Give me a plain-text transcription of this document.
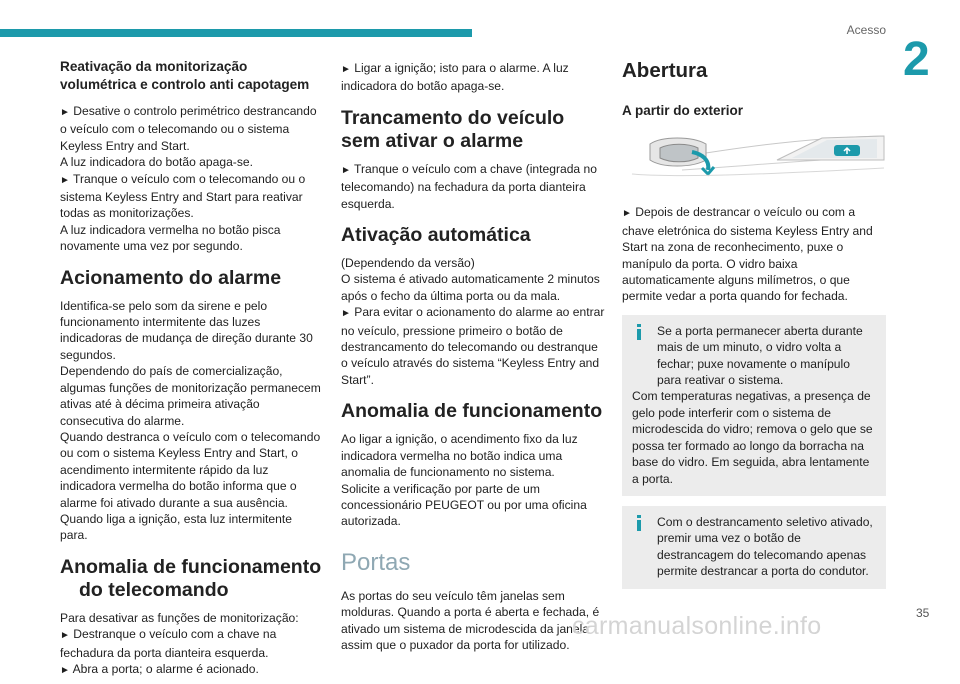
Acesso
2
Reativação da monitorização volumétrica e controlo anti capotagem

► Desative o controlo perimétrico destrancando o veículo com o telecomando ou o sistema Keyless Entry and Start.
A luz indicadora do botão apaga-se.
► Tranque o veículo com o telecomando ou o sistema Keyless Entry and Start para reativar todas as monitorizações.
A luz indicadora vermelha no botão pisca novamente uma vez por segundo.

Acionamento do alarme

Identifica-se pelo som da sirene e pelo funcionamento intermitente das luzes indicadoras de mudança de direção durante 30 segundos.
Dependendo do país de comercialização, algumas funções de monitorização permanecem ativas até à décima primeira ativação consecutiva do alarme.
Quando destranca o veículo com o telecomando ou com o sistema Keyless Entry and Start, o acendimento intermitente rápido da luz indicadora vermelha do botão informa que o alarme foi ativado durante a sua ausência. Quando liga a ignição, esta luz intermitente para.

Anomalia de funcionamento do telecomando

Para desativar as funções de monitorização:
► Destranque o veículo com a chave na fechadura da porta dianteira esquerda.
► Abra a porta; o alarme é acionado.

► Ligar a ignição; isto para o alarme. A luz indicadora do botão apaga-se.

Trancamento do veículo sem ativar o alarme

► Tranque o veículo com a chave (integrada no telecomando) na fechadura da porta dianteira esquerda.

Ativação automática

(Dependendo da versão)
O sistema é ativado automaticamente 2 minutos após o fecho da última porta ou da mala.
► Para evitar o acionamento do alarme ao entrar no veículo, pressione primeiro o botão de destrancamento do telecomando ou destranque o veículo através do sistema “Keyless Entry and Start”.

Anomalia de funcionamento

Ao ligar a ignição, o acendimento fixo da luz indicadora vermelha no botão indica uma anomalia de funcionamento no sistema.
Solicite a verificação por parte de um concessionário PEUGEOT ou por uma oficina autorizada.

Portas

As portas do seu veículo têm janelas sem molduras. Quando a porta é aberta e fechada, é ativado um sistema de microdescida da janela assim que o puxador da porta for utilizado.

Abertura
A partir do exterior

► Depois de destrancar o veículo ou com a chave eletrónica do sistema Keyless Entry and Start na zona de reconhecimento, puxe o manípulo da porta. O vidro baixa automaticamente alguns milímetros, o que permite vedar a porta quando for fechada.

Se a porta permanecer aberta durante mais de um minuto, o vidro volta a fechar; puxe novamente o manípulo para reativar o sistema.
Com temperaturas negativas, a presença de gelo pode interferir com o sistema de microdescida do vidro; remova o gelo que se possa ter formado ao longo da borracha na base do vidro. Em seguida, abra lentamente a porta.
Com o destrancamento seletivo ativado, premir uma vez o botão de destrancagem do telecomando apenas permite destrancar a porta do condutor.
carmanualsonline.info	35
